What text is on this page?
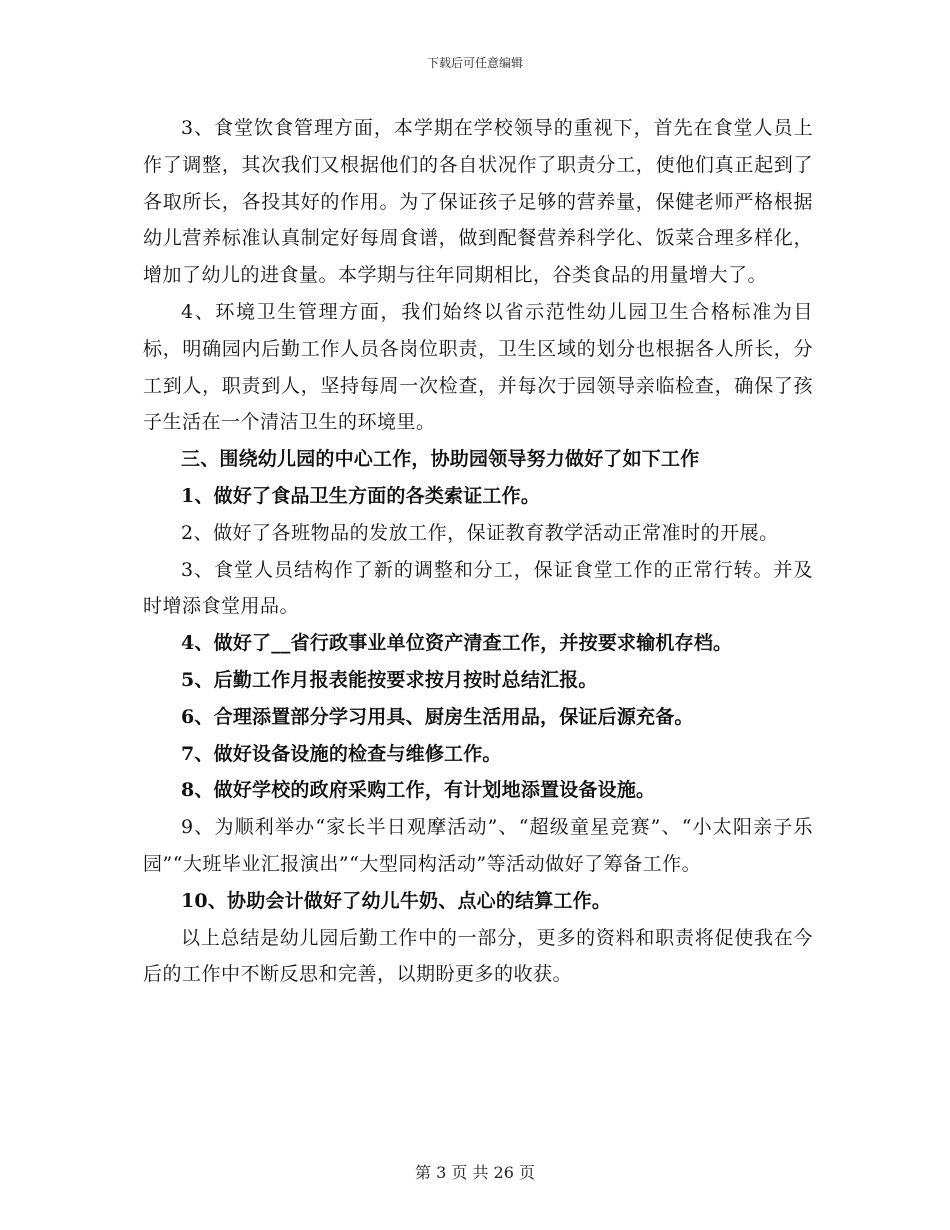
下载后可任意编辑

3、食堂饮食管理方面，本学期在学校领导的重视下，首先在食堂人员上作了调整，其次我们又根据他们的各自状况作了职责分工，使他们真正起到了各取所长，各投其好的作用。为了保证孩子足够的营养量，保健老师严格根据幼儿营养标准认真制定好每周食谱，做到配餐营养科学化、饭菜合理多样化，增加了幼儿的进食量。本学期与往年同期相比，谷类食品的用量增大了。

4、环境卫生管理方面，我们始终以省示范性幼儿园卫生合格标准为目标，明确园内后勤工作人员各岗位职责，卫生区域的划分也根据各人所长，分工到人，职责到人，坚持每周一次检查，并每次于园领导亲临检查，确保了孩子生活在一个清洁卫生的环境里。

三、围绕幼儿园的中心工作，协助园领导努力做好了如下工作

1、做好了食品卫生方面的各类索证工作。

2、做好了各班物品的发放工作，保证教育教学活动正常准时的开展。

3、食堂人员结构作了新的调整和分工，保证食堂工作的正常行转。并及时增添食堂用品。

4、做好了__省行政事业单位资产清查工作，并按要求输机存档。

5、后勤工作月报表能按要求按月按时总结汇报。

6、合理添置部分学习用具、厨房生活用品，保证后源充备。

7、做好设备设施的检查与维修工作。

8、做好学校的政府采购工作，有计划地添置设备设施。

9、为顺利举办“家长半日观摩活动”、“超级童星竞赛”、“小太阳亲子乐园”“大班毕业汇报演出”“大型同构活动”等活动做好了筹备工作。

10、协助会计做好了幼儿牛奶、点心的结算工作。

以上总结是幼儿园后勤工作中的一部分，更多的资料和职责将促使我在今后的工作中不断反思和完善，以期盼更多的收获。

第 3 页 共 26 页
